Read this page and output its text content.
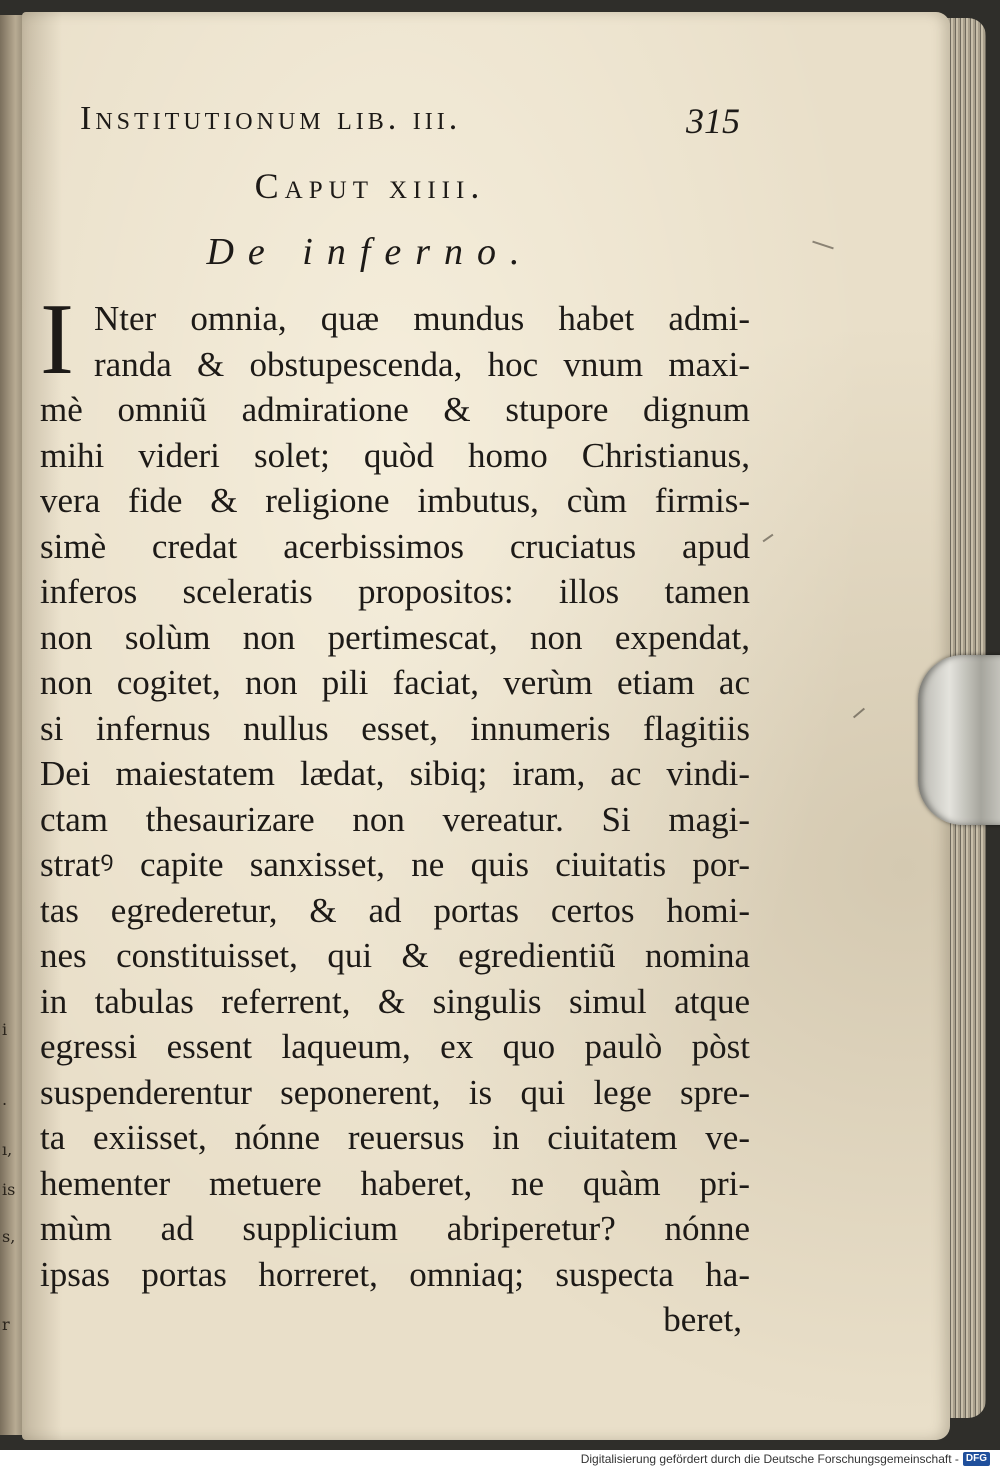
i
.
ı,
is
s,
r
Institutionum lib. iii.	315
Caput xiiii.
De inferno.
I Nter omnia, quæ mundus habet admi-
randa & obstupescenda, hoc vnum maxi-
mè omniũ admiratione & stupore dignum
mihi videri solet; quòd homo Christianus,
vera fide & religione imbutus, cùm firmis-
simè credat acerbissimos cruciatus apud
inferos sceleratis propositos: illos tamen
non solùm non pertimescat, non expendat,
non cogitet, non pili faciat, verùm etiam ac
si infernus nullus esset, innumeris flagitiis
Dei maiestatem lædat, sibiq; iram, ac vindi-
ctam thesaurizare non vereatur. Si magi-
stratꝰ capite sanxisset, ne quis ciuitatis por-
tas egrederetur, & ad portas certos homi-
nes constituisset, qui & egredientiũ nomina
in tabulas referrent, & singulis simul atque
egressi essent laqueum, ex quo paulò pòst
suspenderentur seponerent, is qui lege spre-
ta exiisset, nónne reuersus in ciuitatem ve-
hementer metuere haberet, ne quàm pri-
mùm ad supplicium abriperetur? nónne
ipsas portas horreret, omniaq; suspecta ha-
beret,
Digitalisierung gefördert durch die Deutsche Forschungsgemeinschaft - DFG
